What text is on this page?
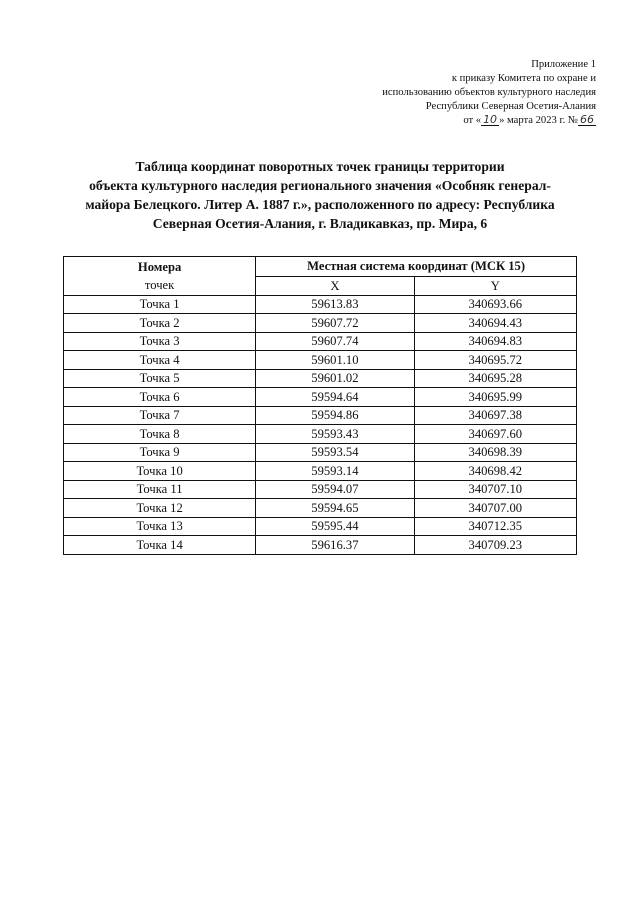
Приложение 1
к приказу Комитета по охране и
использованию объектов культурного наследия
Республики Северная Осетия-Алания
от « 10 » марта 2023 г. № 66
Таблица координат поворотных точек границы территории
объекта культурного наследия регионального значения «Особняк генерал-
майора Белецкого. Литер А. 1887 г.», расположенного по адресу: Республика
Северная Осетия-Алания, г. Владикавказ, пр. Мира, 6
Номера
точек	Местная система координат (МСК 15)	
	X	Y
Точка 1	59613.83	340693.66
Точка 2	59607.72	340694.43
Точка 3	59607.74	340694.83
Точка 4	59601.10	340695.72
Точка 5	59601.02	340695.28
Точка 6	59594.64	340695.99
Точка 7	59594.86	340697.38
Точка 8	59593.43	340697.60
Точка 9	59593.54	340698.39
Точка 10	59593.14	340698.42
Точка 11	59594.07	340707.10
Точка 12	59594.65	340707.00
Точка 13	59595.44	340712.35
Точка 14	59616.37	340709.23
